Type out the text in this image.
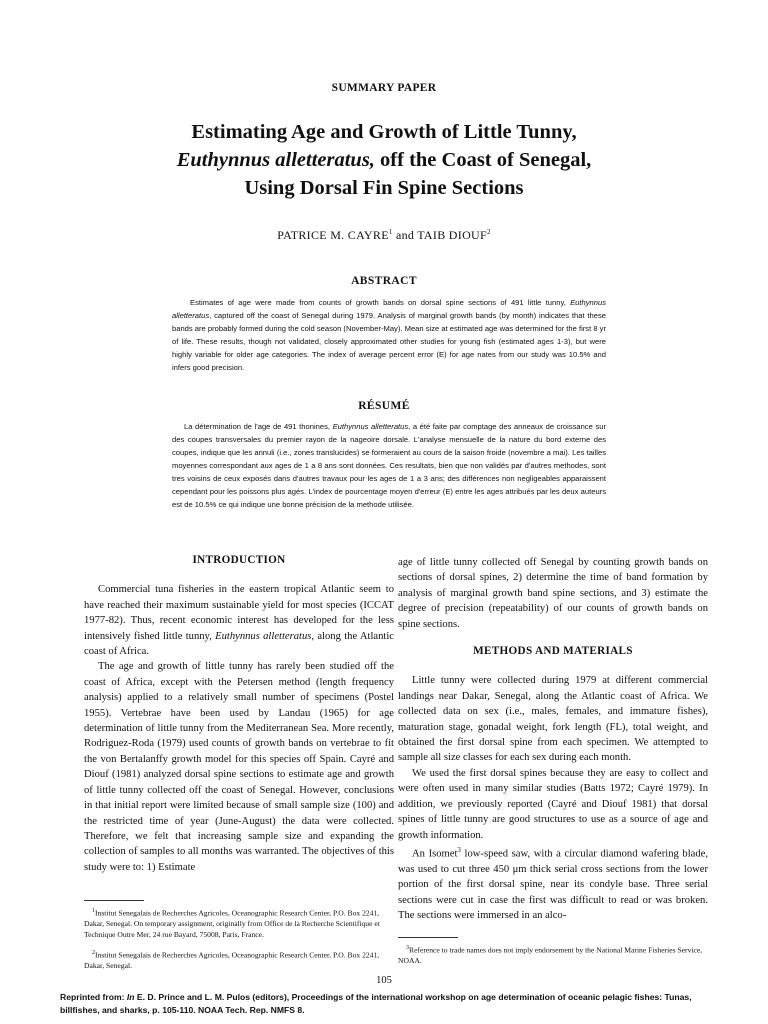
SUMMARY PAPER
Estimating Age and Growth of Little Tunny,
Euthynnus alletteratus, off the Coast of Senegal,
Using Dorsal Fin Spine Sections
PATRICE M. CAYRE$^1$ and TAIB DIOUF$^2$
ABSTRACT

Estimates of age were made from counts of growth bands on dorsal spine sections of 491 little tunny, Euthynnus alletteratus, captured off the coast of Senegal during 1979. Analysis of marginal growth bands (by month) indicates that these bands are probably formed during the cold season (November-May). Mean size at estimated age was determined for the first 8 yr of life. These results, though not validated, closely approximated other studies for young fish (estimated ages 1-3), but were highly variable for older age categories. The index of average percent error (E) for age nates from our study was 10.5% and infers good precision.

RÉSUMÉ

La détermination de l'age de 491 thonines, Euthynnus alletteratus, a été faite par comptage des anneaux de croissance sur des coupes transversales du premier rayon de la nageoire dorsale. L'analyse mensuelle de la nature du bord externe des coupes, indique que les annuli (i.e., zones translucides) se formeraient au cours de la saison froide (novembre a mai). Les tailles moyennes correspondant aux ages de 1 a 8 ans sont données. Ces resultats, bien que non validés par d'autres methodes, sont tres voisins de ceux exposés dans d'autres travaux pour les ages de 1 a 3 ans; des différences non negligeables apparaissent cependant pour les poissons plus agés. L'index de pourcentage moyen d'erreur (E) entre les ages attribués par les deux auteurs est de 10.5% ce qui indique une bonne précision de la methode utilisée.

INTRODUCTION

Commercial tuna fisheries in the eastern tropical Atlantic seem to have reached their maximum sustainable yield for most species (ICCAT 1977-82). Thus, recent economic interest has developed for the less intensively fished little tunny, Euthynnus alletteratus, along the Atlantic coast of Africa.

The age and growth of little tunny has rarely been studied off the coast of Africa, except with the Petersen method (length frequency analysis) applied to a relatively small number of specimens (Postel 1955). Vertebrae have been used by Landau (1965) for age determination of little tunny from the Mediterranean Sea. More recently, Rodriguez-Roda (1979) used counts of growth bands on vertebrae to fit the von Bertalanffy growth model for this species off Spain. Cayré and Diouf (1981) analyzed dorsal spine sections to estimate age and growth of little tunny collected off the coast of Senegal. However, conclusions in that initial report were limited because of small sample size (100) and the restricted time of year (June-August) the data were collected. Therefore, we felt that increasing sample size and expanding the collection of samples to all months was warranted. The objectives of this study were to: 1) Estimate

age of little tunny collected off Senegal by counting growth bands on sections of dorsal spines, 2) determine the time of band formation by analysis of marginal growth band spine sections, and 3) estimate the degree of precision (repeatability) of our counts of growth bands on spine sections.

METHODS AND MATERIALS

Little tunny were collected during 1979 at different commercial landings near Dakar, Senegal, along the Atlantic coast of Africa. We collected data on sex (i.e., males, females, and immature fishes), maturation stage, gonadal weight, fork length (FL), total weight, and obtained the first dorsal spine from each specimen. We attempted to sample all size classes for each sex during each month.

We used the first dorsal spines because they are easy to collect and were often used in many similar studies (Batts 1972; Cayré 1979). In addition, we previously reported (Cayré and Diouf 1981) that dorsal spines of little tunny are good structures to use as a source of age and growth information.

An Isomet$^3$ low-speed saw, with a circular diamond wafering blade, was used to cut three 450 μm thick serial cross sections from the lower portion of the first dorsal spine, near its condyle base. Three serial sections were cut in case the first was difficult to read or was broken. The sections were immersed in an alco-

$^1$Institut Senegalais de Recherches Agricoles, Oceanographic Research Center, P.O. Box 2241, Dakar, Senegal. On temporary assignment, originally from Office de la Recherche Scientifique et Technique Outre Mer, 24 rue Bayard, 75008, Paris, France.

$^2$Institut Senegalais de Recherches Agricoles, Oceanographic Research Center, P.O. Box 2241, Dakar, Senegal.

$^3$Reference to trade names does not imply endorsement by the National Marine Fisheries Service, NOAA.

105

Reprinted from: In E. D. Prince and L. M. Pulos (editors), Proceedings of the international workshop on age determination of oceanic pelagic fishes: Tunas, billfishes, and sharks, p. 105-110. NOAA Tech. Rep. NMFS 8.
